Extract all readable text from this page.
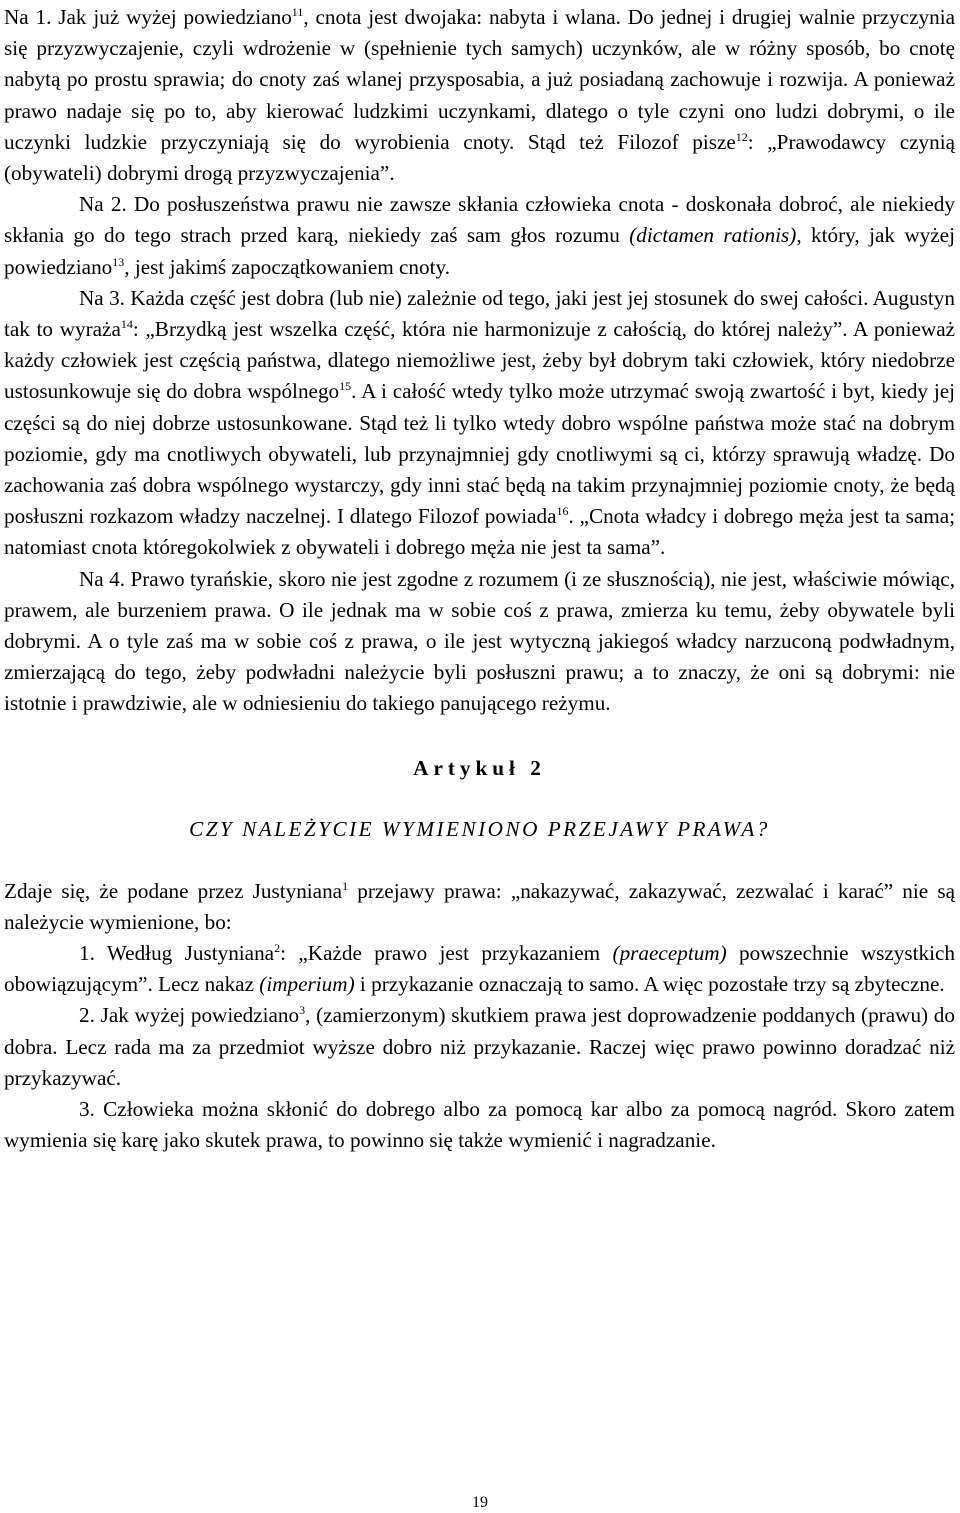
Na 1. Jak już wyżej powiedziano$^{11}$, cnota jest dwojaka: nabyta i wlana. Do jednej i drugiej walnie przyczynia się przyzwyczajenie, czyli wdrożenie w (spełnienie tych samych) uczynków, ale w różny sposób, bo cnotę nabytą po prostu sprawia; do cnoty zaś wlanej przysposabia, a już posiadaną zachowuje i rozwija. A ponieważ prawo nadaje się po to, aby kierować ludzkimi uczynkami, dlatego o tyle czyni ono ludzi dobrymi, o ile uczynki ludzkie przyczyniają się do wyrobienia cnoty. Stąd też Filozof pisze$^{12}$: „Prawodawcy czynią (obywateli) dobrymi drogą przyzwyczajenia”.

Na 2. Do posłuszeństwa prawu nie zawsze skłania człowieka cnota - doskonała dobroć, ale niekiedy skłania go do tego strach przed karą, niekiedy zaś sam głos rozumu (dictamen rationis), który, jak wyżej powiedziano$^{13}$, jest jakimś zapoczątkowaniem cnoty.

Na 3. Każda część jest dobra (lub nie) zależnie od tego, jaki jest jej stosunek do swej całości. Augustyn tak to wyraża$^{14}$: „Brzydką jest wszelka część, która nie harmonizuje z całością, do której należy”. A ponieważ każdy człowiek jest częścią państwa, dlatego niemożliwe jest, żeby był dobrym taki człowiek, który niedobrze ustosunkowuje się do dobra wspólnego$^{15}$. A i całość wtedy tylko może utrzymać swoją zwartość i byt, kiedy jej części są do niej dobrze ustosunkowane. Stąd też li tylko wtedy dobro wspólne państwa może stać na dobrym poziomie, gdy ma cnotliwych obywateli, lub przynajmniej gdy cnotliwymi są ci, którzy sprawują władzę. Do zachowania zaś dobra wspólnego wystarczy, gdy inni stać będą na takim przynajmniej poziomie cnoty, że będą posłuszni rozkazom władzy naczelnej. I dlatego Filozof powiada$^{16}$. „Cnota władcy i dobrego męża jest ta sama; natomiast cnota któregokolwiek z obywateli i dobrego męża nie jest ta sama”.

Na 4. Prawo tyrańskie, skoro nie jest zgodne z rozumem (i ze słusznością), nie jest, właściwie mówiąc, prawem, ale burzeniem prawa. O ile jednak ma w sobie coś z prawa, zmierza ku temu, żeby obywatele byli dobrymi. A o tyle zaś ma w sobie coś z prawa, o ile jest wytyczną jakiegoś władcy narzuconą podwładnym, zmierzającą do tego, żeby podwładni należycie byli posłuszni prawu; a to znaczy, że oni są dobrymi: nie istotnie i prawdziwie, ale w odniesieniu do takiego panującego reżymu.

Artykuł 2
CZY NALEŻYCIE WYMIENIONO PRZEJAWY PRAWA?

Zdaje się, że podane przez Justyniana$^1$ przejawy prawa: „nakazywać, zakazywać, zezwalać i karać” nie są należycie wymienione, bo:

1. Według Justyniana$^2$: „Każde prawo jest przykazaniem (praeceptum) powszechnie wszystkich obowiązującym”. Lecz nakaz (imperium) i przykazanie oznaczają to samo. A więc pozostałe trzy są zbyteczne.

2. Jak wyżej powiedziano$^3$, (zamierzonym) skutkiem prawa jest doprowadzenie poddanych (prawu) do dobra. Lecz rada ma za przedmiot wyższe dobro niż przykazanie. Raczej więc prawo powinno doradzać niż przykazywać.

3. Człowieka można skłonić do dobrego albo za pomocą kar albo za pomocą nagród. Skoro zatem wymienia się karę jako skutek prawa, to powinno się także wymienić i nagradzanie.

19
